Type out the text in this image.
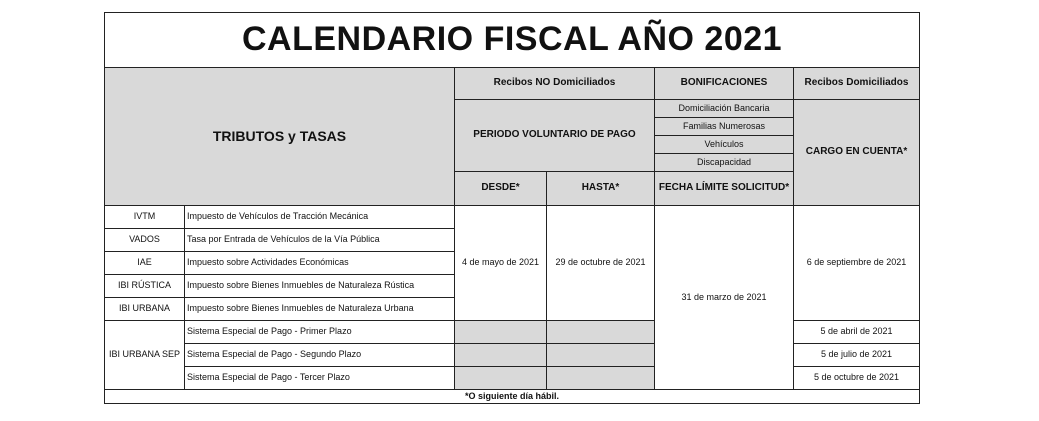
CALENDARIO FISCAL AÑO 2021					
TRIBUTOS y TASAS		Recibos NO Domiciliados		BONIFICACIONES	Recibos Domiciliados
		PERIODO VOLUNTARIO DE PAGO		Domiciliación Bancaria	CARGO EN CUENTA*
				Familias Numerosas	
				Vehículos	
				Discapacidad	
		DESDE*	HASTA*	FECHA LÍMITE SOLICITUD*	
IVTM	Impuesto de Vehículos de Tracción Mecánica	4 de mayo de 2021	29 de octubre de 2021	31 de marzo de 2021	6 de septiembre de 2021
VADOS	Tasa por Entrada de Vehículos de la Vía Pública				
IAE	Impuesto sobre Actividades Económicas				
IBI RÚSTICA	Impuesto sobre Bienes Inmuebles de Naturaleza Rústica				
IBI URBANA	Impuesto sobre Bienes Inmuebles de Naturaleza Urbana				
IBI URBANA SEP	Sistema Especial de Pago - Primer Plazo				5 de abril de 2021
	Sistema Especial de Pago - Segundo Plazo				5 de julio de 2021
	Sistema Especial de Pago - Tercer Plazo				5 de octubre de 2021
*O siguiente día hábil.					
